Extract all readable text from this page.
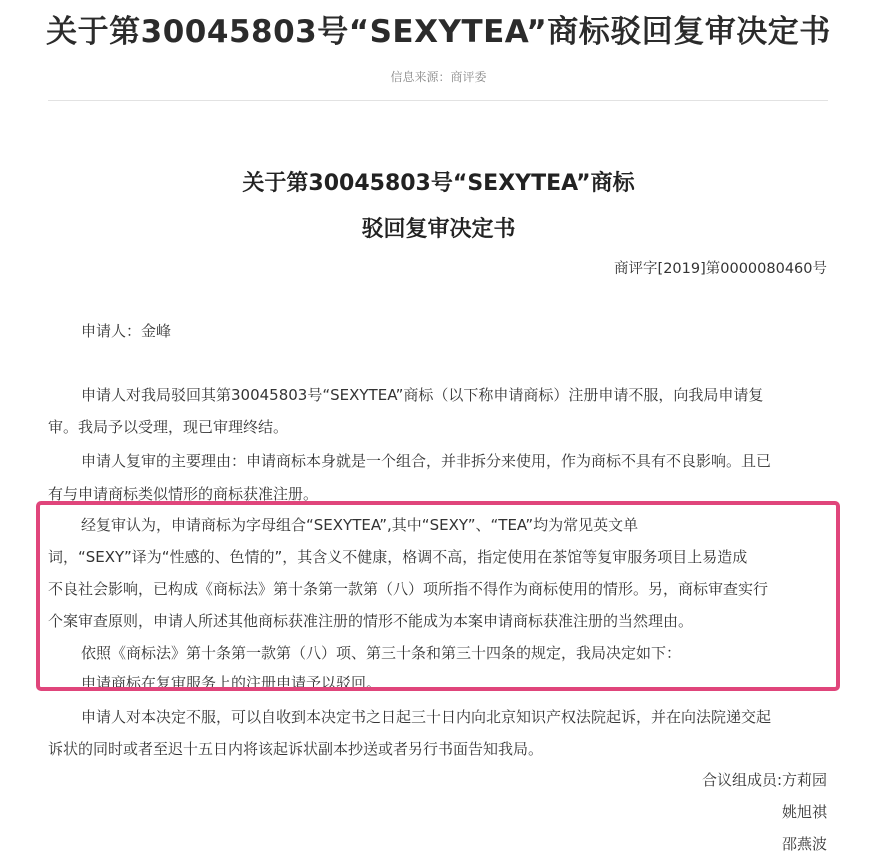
关于第30045803号“SEXYTEA”商标驳回复审决定书
信息来源：商评委
关于第30045803号“SEXYTEA”商标
驳回复审决定书
商评字[2019]第0000080460号
申请人：金峰
申请人对我局驳回其第30045803号“SEXYTEA”商标（以下称申请商标）注册申请不服，向我局申请复
审。我局予以受理，现已审理终结。
申请人复审的主要理由：申请商标本身就是一个组合，并非拆分来使用，作为商标不具有不良影响。且已
有与申请商标类似情形的商标获准注册。
经复审认为，申请商标为字母组合“SEXYTEA”,其中“SEXY”、“TEA”均为常见英文单
词，“SEXY”译为“性感的、色情的”，其含义不健康，格调不高，指定使用在茶馆等复审服务项目上易造成
不良社会影响，已构成《商标法》第十条第一款第（八）项所指不得作为商标使用的情形。另，商标审查实行
个案审查原则，申请人所述其他商标获准注册的情形不能成为本案申请商标获准注册的当然理由。
依照《商标法》第十条第一款第（八）项、第三十条和第三十四条的规定，我局决定如下：
申请商标在复审服务上的注册申请予以驳回。
申请人对本决定不服，可以自收到本决定书之日起三十日内向北京知识产权法院起诉，并在向法院递交起
诉状的同时或者至迟十五日内将该起诉状副本抄送或者另行书面告知我局。
合议组成员:方莉园
姚旭祺
邵燕波
